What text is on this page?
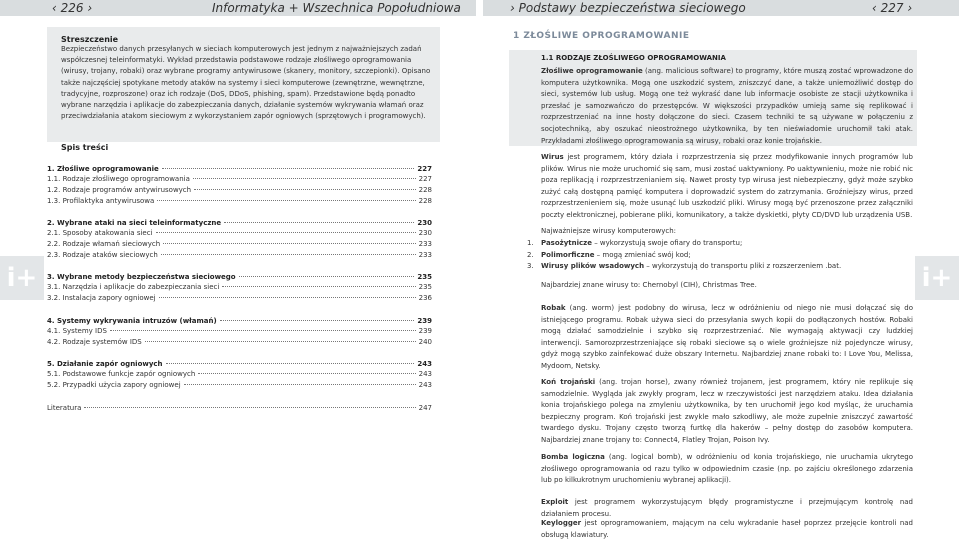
‹ 226 ›	Informatyka + Wszechnica Popołudniowa	› Podstawy bezpieczeństwa sieciowego	‹ 227 ›
i+	i+
Streszczenie
Bezpieczeństwo danych przesyłanych w sieciach komputerowych jest jednym z najważniejszych zadań współczesnej teleinformatyki. Wykład przedstawia podstawowe rodzaje złośliwego oprogramowania (wirusy, trojany, robaki) oraz wybrane programy antywirusowe (skanery, monitory, szczepionki). Opisano także najczęściej spotykane metody ataków na systemy i sieci komputerowe (zewnętrzne, wewnętrzne, tradycyjne, rozproszone) oraz ich rodzaje (DoS, DDoS, phishing, spam). Przedstawione będą ponadto wybrane narzędzia i aplikacje do zabezpieczania danych, działanie systemów wykrywania włamań oraz przeciwdziałania atakom sieciowym z wykorzystaniem zapór ogniowych (sprzętowych i programowych).
Spis treści
1. Złośliwe oprogramowanie	227
1.1. Rodzaje złośliwego oprogramowania	227
1.2. Rodzaje programów antywirusowych	228
1.3. Profilaktyka antywirusowa	228
2. Wybrane ataki na sieci teleinformatyczne	230
2.1. Sposoby atakowania sieci	230
2.2. Rodzaje włamań sieciowych	233
2.3. Rodzaje ataków sieciowych	233
3. Wybrane metody bezpieczeństwa sieciowego	235
3.1. Narzędzia i aplikacje do zabezpieczania sieci	235
3.2. Instalacja zapory ogniowej	236
4. Systemy wykrywania intruzów (włamań)	239
4.1. Systemy IDS	239
4.2. Rodzaje systemów IDS	240
5. Działanie zapór ogniowych	243
5.1. Podstawowe funkcje zapór ogniowych	243
5.2. Przypadki użycia zapory ogniowej	243
Literatura	247
1 ZŁOŚLIWE OPROGRAMOWANIE
1.1 RODZAJE ZŁOŚLIWEGO OPROGRAMOWANIA
Złośliwe oprogramowanie (ang. malicious software) to programy, które muszą zostać wprowadzone do komputera użytkownika. Mogą one uszkodzić system, zniszczyć dane, a także uniemożliwić dostęp do sieci, systemów lub usług. Mogą one też wykraść dane lub informacje osobiste ze stacji użytkownika i przesłać je samozwańczo do przestępców. W większości przypadków umieją same się replikować i rozprzestrzeniać na inne hosty dołączone do sieci. Czasem techniki te są używane w połączeniu z socjotechniką, aby oszukać nieostrożnego użytkownika, by ten nieświadomie uruchomił taki atak. Przykładami złośliwego oprogramowania są wirusy, robaki oraz konie trojańskie.
Wirus jest programem, który działa i rozprzestrzenia się przez modyfikowanie innych programów lub plików. Wirus nie może uruchomić się sam, musi zostać uaktywniony. Po uaktywnieniu, może nie robić nic poza replikacją i rozprzestrzenianiem się. Nawet prosty typ wirusa jest niebezpieczny, gdyż może szybko zużyć całą dostępną pamięć komputera i doprowadzić system do zatrzymania. Groźniejszy wirus, przed rozprzestrzenieniem się, może usunąć lub uszkodzić pliki. Wirusy mogą być przenoszone przez załączniki poczty elektronicznej, pobierane pliki, komunikatory, a także dyskietki, płyty CD/DVD lub urządzenia USB.
Najważniejsze wirusy komputerowych:
1.	Pasożytnicze – wykorzystują swoje ofiary do transportu;
2.	Polimorficzne – mogą zmieniać swój kod;
3.	Wirusy plików wsadowych – wykorzystują do transportu pliki z rozszerzeniem .bat.
Najbardziej znane wirusy to: Chernobyl (CIH), Christmas Tree.
Robak (ang. worm) jest podobny do wirusa, lecz w odróżnieniu od niego nie musi dołączać się do istniejącego programu. Robak używa sieci do przesyłania swych kopii do podłączonych hostów. Robaki mogą działać samodzielnie i szybko się rozprzestrzeniać. Nie wymagają aktywacji czy ludzkiej interwencji. Samorozprzestrzeniające się robaki sieciowe są o wiele groźniejsze niż pojedyncze wirusy, gdyż mogą szybko zainfekować duże obszary Internetu. Najbardziej znane robaki to: I Love You, Melissa, Mydoom, Netsky.
Koń trojański (ang. trojan horse), zwany również trojanem, jest programem, który nie replikuje się samodzielnie. Wygląda jak zwykły program, lecz w rzeczywistości jest narzędziem ataku. Idea działania konia trojańskiego polega na zmyleniu użytkownika, by ten uruchomił jego kod myśląc, że uruchamia bezpieczny program. Koń trojański jest zwykle mało szkodliwy, ale może zupełnie zniszczyć zawartość twardego dysku. Trojany często tworzą furtkę dla hakerów – pełny dostęp do zasobów komputera. Najbardziej znane trojany to: Connect4, Flatley Trojan, Poison Ivy.
Bomba logiczna (ang. logical bomb), w odróżnieniu od konia trojańskiego, nie uruchamia ukrytego złośliwego oprogramowania od razu tylko w odpowiednim czasie (np. po zajściu określonego zdarzenia lub po kilkukrotnym uruchomieniu wybranej aplikacji).
Exploit jest programem wykorzystującym błędy programistyczne i przejmującym kontrolę nad działaniem procesu.
Keylogger jest oprogramowaniem, mającym na celu wykradanie haseł poprzez przejęcie kontroli nad obsługą klawiatury.
